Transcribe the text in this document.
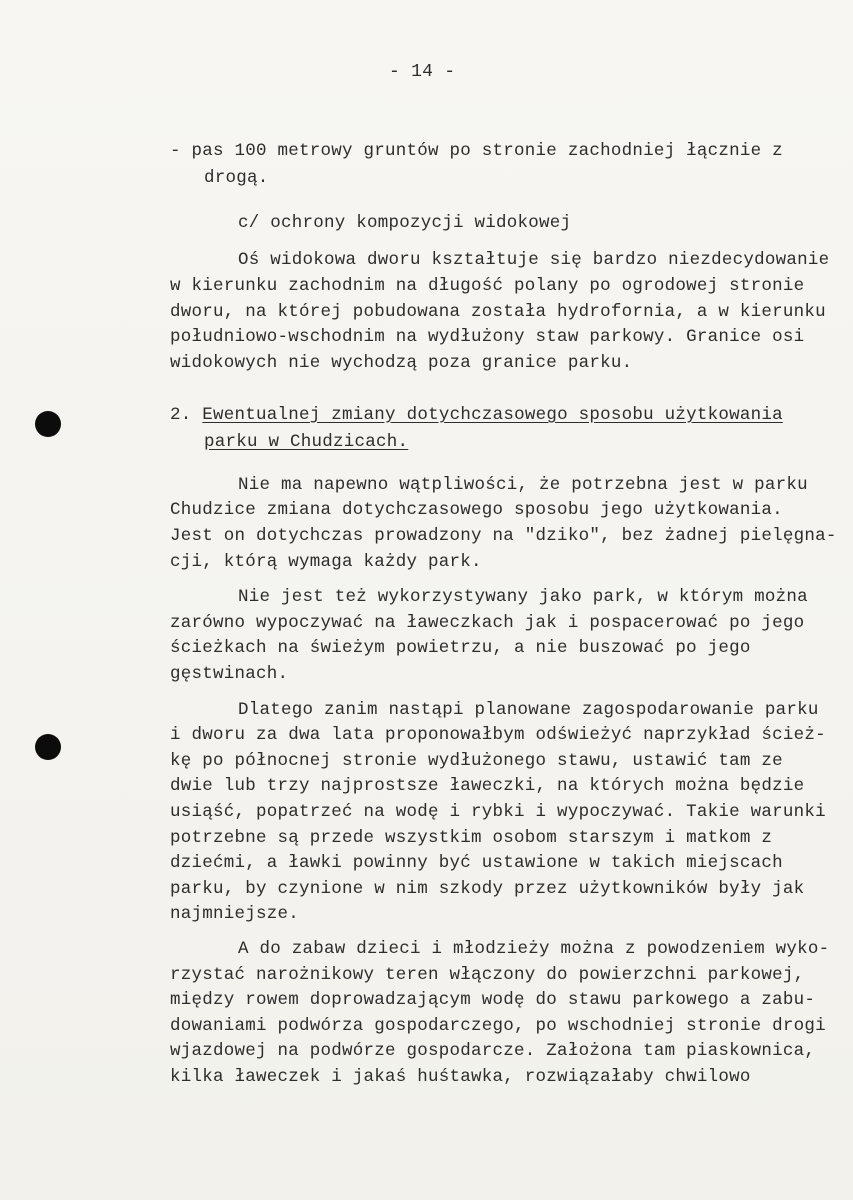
- 14 -
- pas 100 metrowy gruntów po stronie zachodniej łącznie z
drogą.
c/ ochrony kompozycji widokowej
Oś widokowa dworu kształtuje się bardzo niezdecydowanie
w kierunku zachodnim na długość polany po ogrodowej stronie
dworu, na której pobudowana została hydrofornia, a w kierunku
południowo-wschodnim na wydłużony staw parkowy. Granice osi
widokowych nie wychodzą poza granice parku.
2. Ewentualnej zmiany dotychczasowego sposobu użytkowania
parku w Chudzicach.
Nie ma napewno wątpliwości, że potrzebna jest w parku
Chudzice zmiana dotychczasowego sposobu jego użytkowania.
Jest on dotychczas prowadzony na "dziko", bez żadnej pielęgna-
cji, którą wymaga każdy park.
Nie jest też wykorzystywany jako park, w którym można
zarówno wypoczywać na ławeczkach jak i pospacerować po jego
ścieżkach na świeżym powietrzu, a nie buszować po jego
gęstwinach.
Dlatego zanim nastąpi planowane zagospodarowanie parku
i dworu za dwa lata proponowałbym odświeżyć naprzykład ścież-
kę po północnej stronie wydłużonego stawu, ustawić tam ze
dwie lub trzy najprostsze ławeczki, na których można będzie
usiąść, popatrzeć na wodę i rybki i wypoczywać. Takie warunki
potrzebne są przede wszystkim osobom starszym i matkom z
dziećmi, a ławki powinny być ustawione w takich miejscach
parku, by czynione w nim szkody przez użytkowników były jak
najmniejsze.
A do zabaw dzieci i młodzieży można z powodzeniem wyko-
rzystać narożnikowy teren włączony do powierzchni parkowej,
między rowem doprowadzającym wodę do stawu parkowego a zabu-
dowaniami podwórza gospodarczego, po wschodniej stronie drogi
wjazdowej na podwórze gospodarcze. Założona tam piaskownica,
kilka ławeczek i jakaś huśtawka, rozwiązałaby chwilowo
